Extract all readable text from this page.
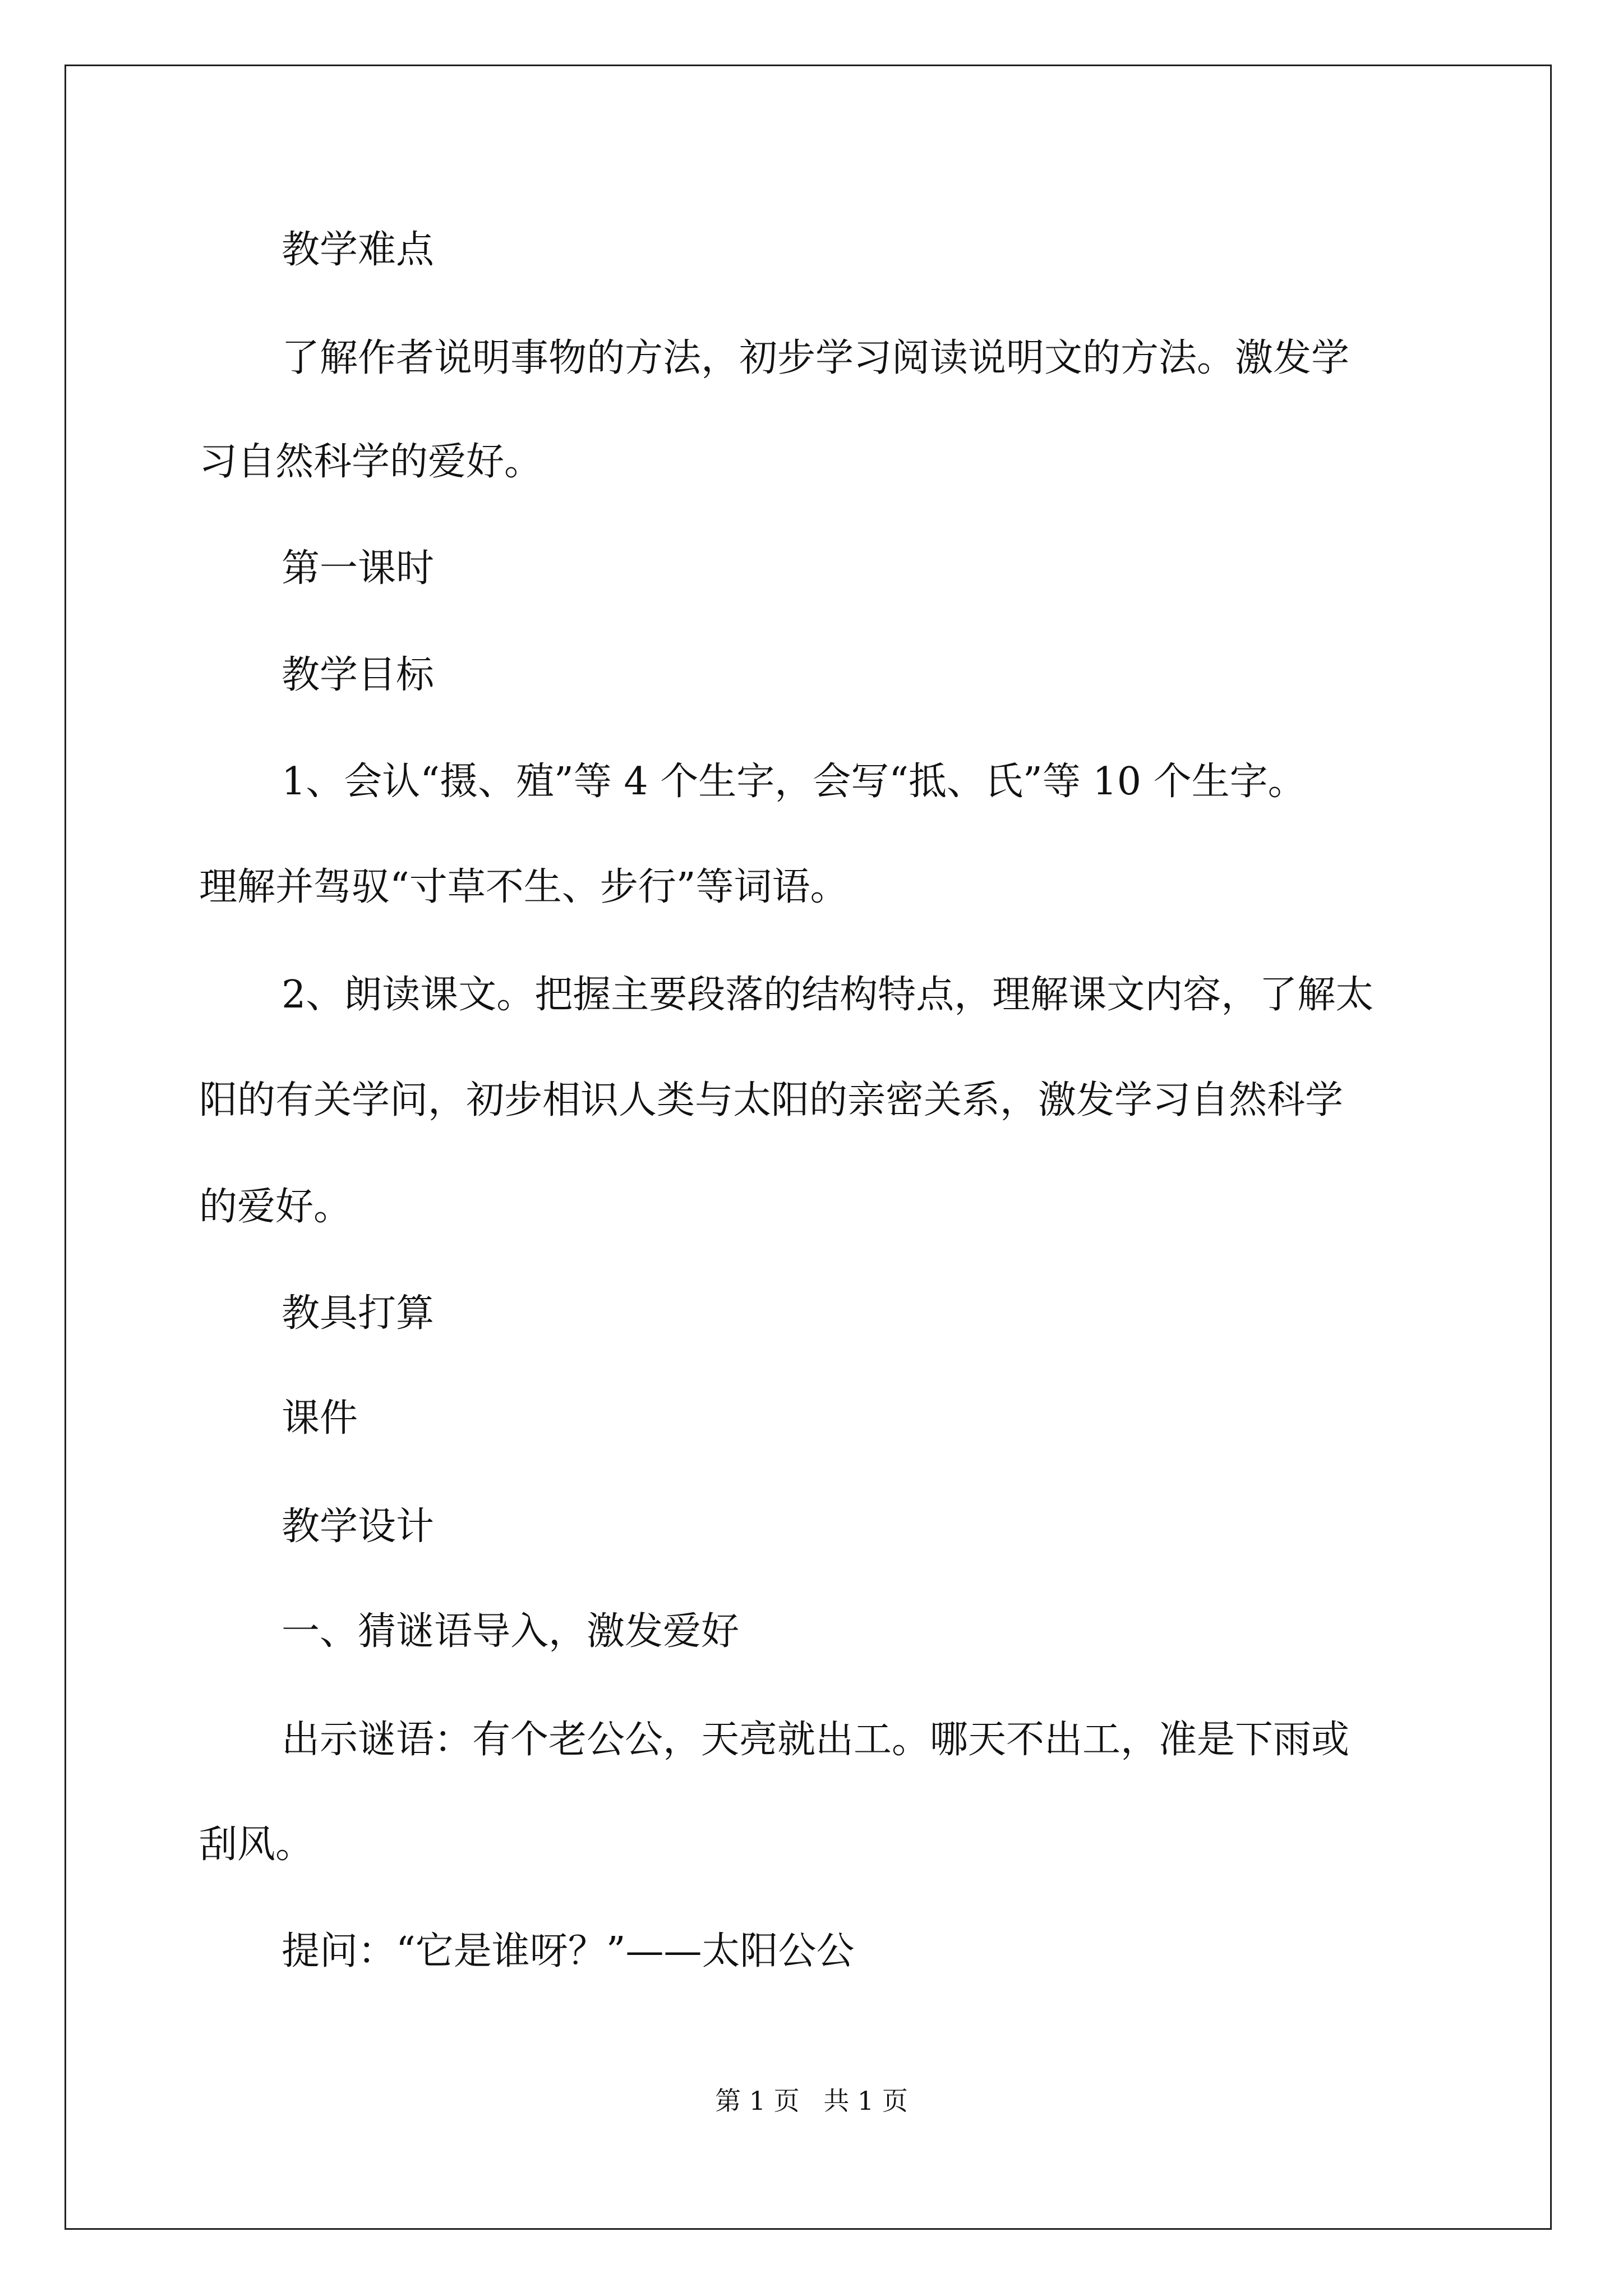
教学难点
了解作者说明事物的方法，初步学习阅读说明文的方法。激发学
习自然科学的爱好。
第一课时
教学目标
1、会认“摄、殖”等 4 个生字，会写“抵、氏”等 10 个生字。
理解并驾驭“寸草不生、步行”等词语。
2、朗读课文。把握主要段落的结构特点，理解课文内容，了解太
阳的有关学问，初步相识人类与太阳的亲密关系，激发学习自然科学
的爱好。
教具打算
课件
教学设计
一、猜谜语导入，激发爱好
出示谜语：有个老公公，天亮就出工。哪天不出工，准是下雨或
刮风。
提问：“它是谁呀？”——太阳公公
第 1 页 共 1 页
